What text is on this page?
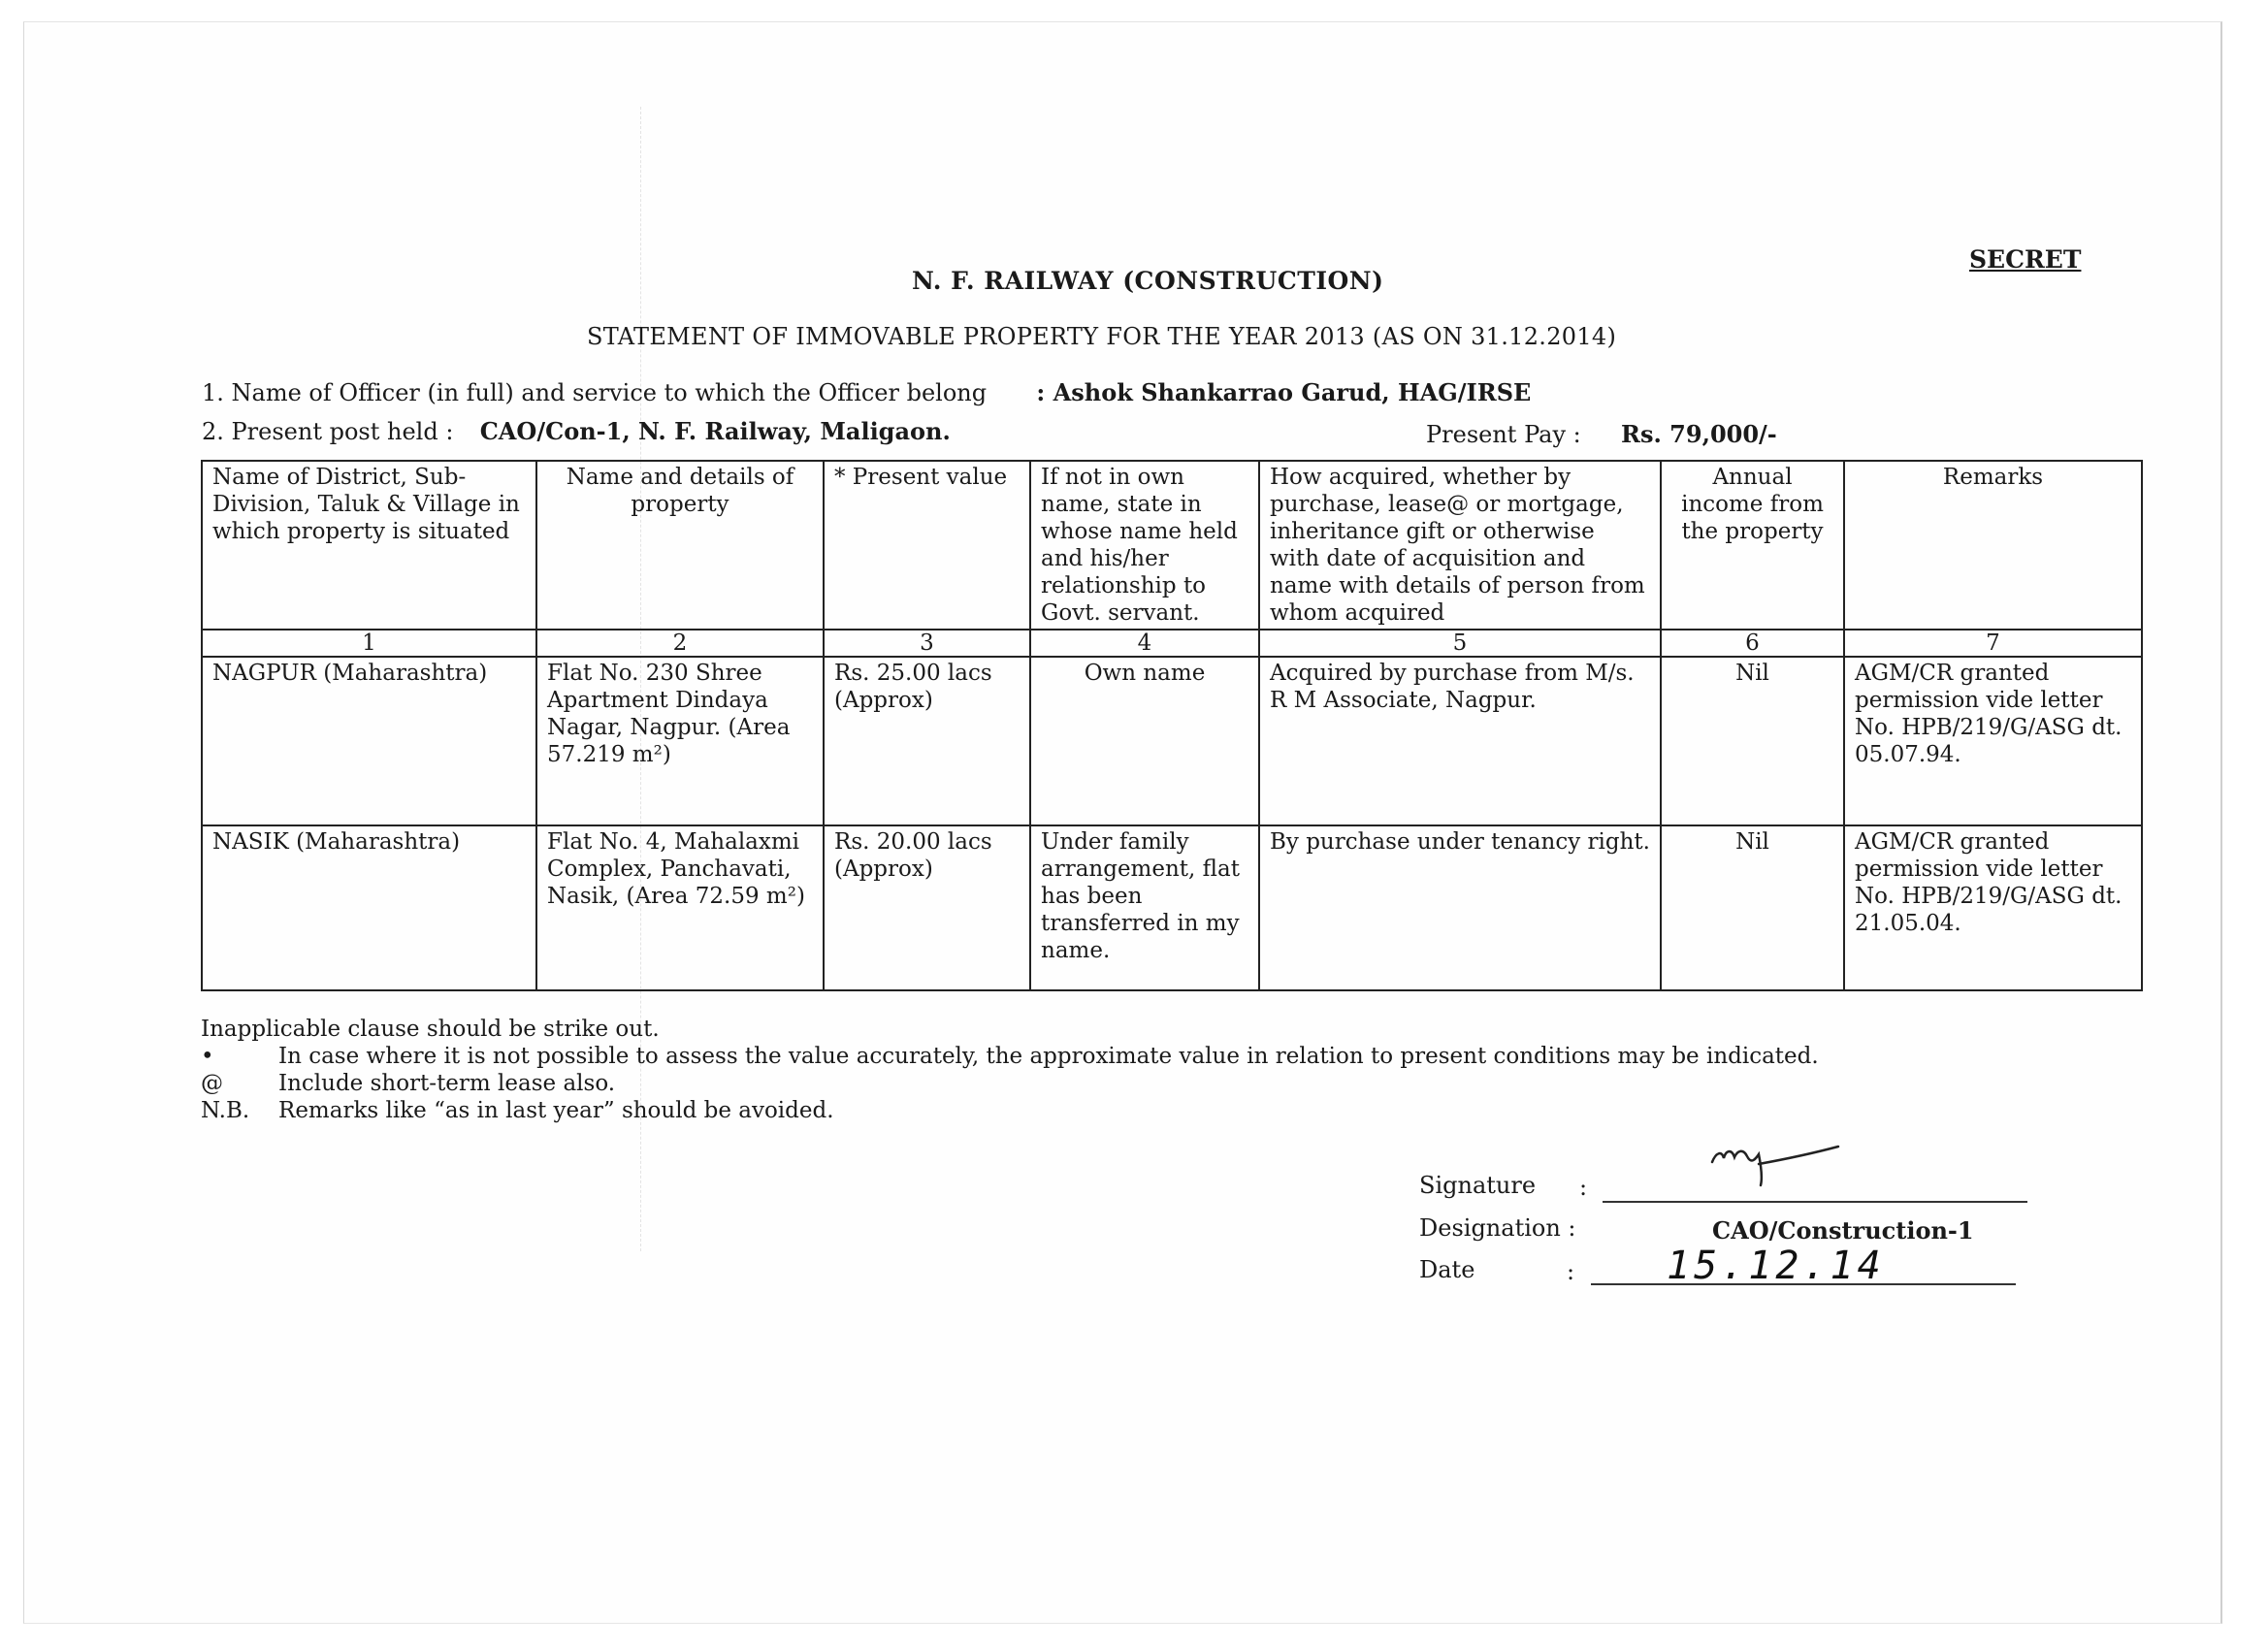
SECRET
N. F. RAILWAY (CONSTRUCTION)
STATEMENT OF IMMOVABLE PROPERTY FOR THE YEAR 2013 (AS ON 31.12.2014)
1. Name of Officer (in full) and service to which the Officer belong : Ashok Shankarrao Garud, HAG/IRSE
2. Present post held : CAO/Con-1, N. F. Railway, Maligaon.	Present Pay : Rs. 79,000/-
Name of District, Sub-Division, Taluk & Village in which property is situated	Name and details of property	* Present value	If not in own name, state in whose name held and his/her relationship to Govt. servant.	How acquired, whether by purchase, lease@ or mortgage, inheritance gift or otherwise with date of acquisition and name with details of person from whom acquired	Annual income from the property	Remarks
1	2	3	4	5	6	7
NAGPUR (Maharashtra)	Flat No. 230 Shree Apartment Dindaya Nagar, Nagpur. (Area 57.219 m²)	Rs. 25.00 lacs (Approx)	Own name	Acquired by purchase from M/s. R M Associate, Nagpur.	Nil	AGM/CR granted permission vide letter No. HPB/219/G/ASG dt. 05.07.94.
NASIK (Maharashtra)	Flat No. 4, Mahalaxmi Complex, Panchavati, Nasik, (Area 72.59 m²)	Rs. 20.00 lacs (Approx)	Under family arrangement, flat has been transferred in my name.	By purchase under tenancy right.	Nil	AGM/CR granted permission vide letter No. HPB/219/G/ASG dt. 21.05.04.
Inapplicable clause should be strike out.
•	In case where it is not possible to assess the value accurately, the approximate value in relation to present conditions may be indicated.
@ Include short-term lease also.
N.B. Remarks like “as in last year” should be avoided.
Signature :
Designation :	CAO/Construction-1
Date	: 15.12.14
